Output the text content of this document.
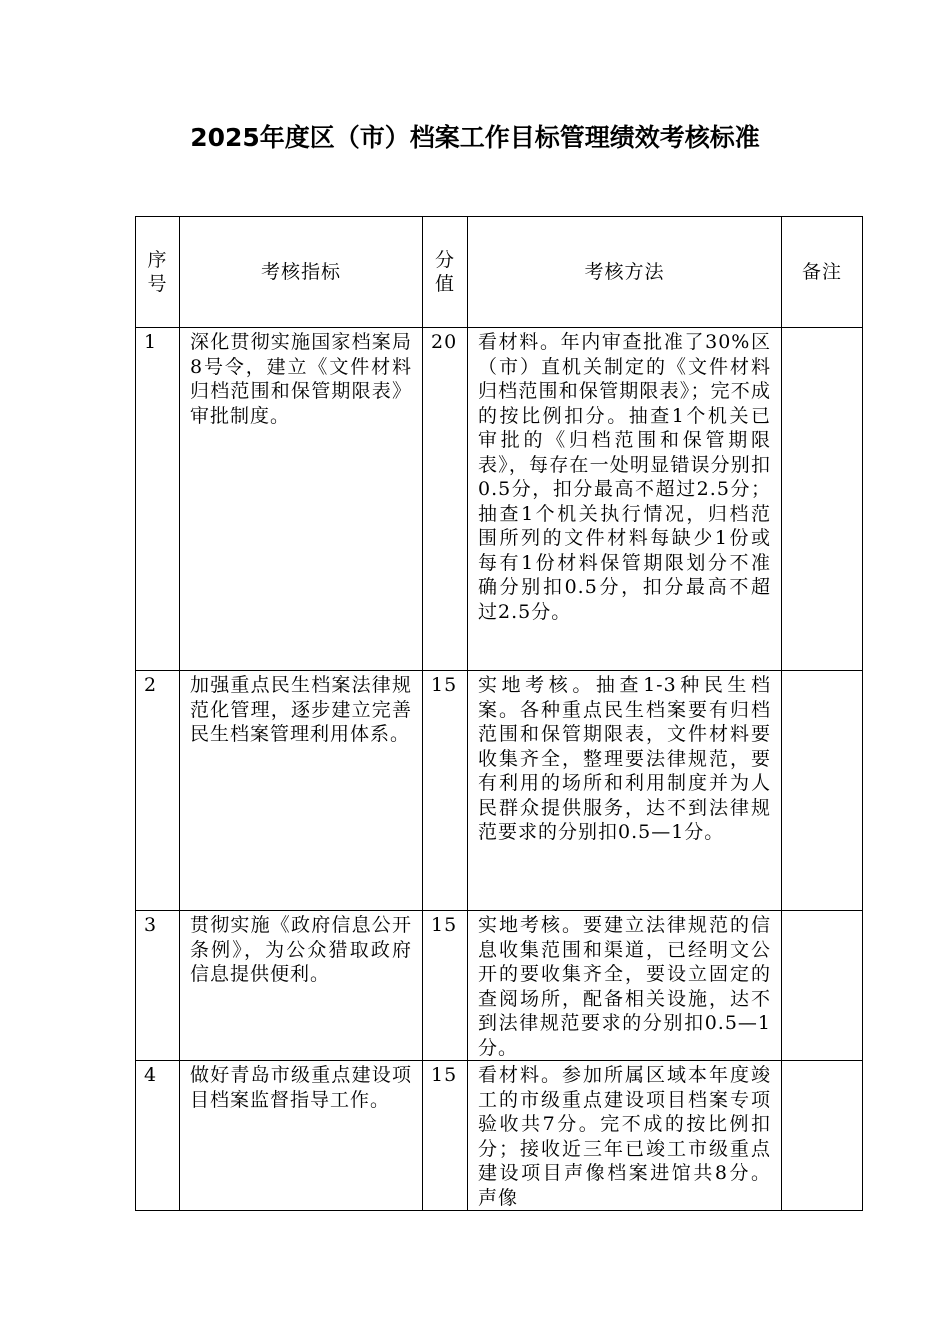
2025年度区（市）档案工作目标管理绩效考核标准
序号	考核指标	分值	考核方法	备注
1	深化贯彻实施国家档案局8号令，建立《文件材料归档范围和保管期限表》审批制度。	20	看材料。年内审查批准了30%区（市）直机关制定的《文件材料归档范围和保管期限表》；完不成的按比例扣分。抽查1个机关已审批的《归档范围和保管期限表》，每存在一处明显错误分别扣0.5分，扣分最高不超过2.5分；抽查1个机关执行情况，归档范围所列的文件材料每缺少1份或每有1份材料保管期限划分不准确分别扣0.5分，扣分最高不超过2.5分。	
2	加强重点民生档案法律规范化管理，逐步建立完善民生档案管理利用体系。	15	实地考核。抽查1-3种民生档案。各种重点民生档案要有归档范围和保管期限表，文件材料要收集齐全，整理要法律规范，要有利用的场所和利用制度并为人民群众提供服务，达不到法律规范要求的分别扣0.5—1分。	
3	贯彻实施《政府信息公开条例》，为公众猎取政府信息提供便利。	15	实地考核。要建立法律规范的信息收集范围和渠道，已经明文公开的要收集齐全，要设立固定的查阅场所，配备相关设施，达不到法律规范要求的分别扣0.5—1分。	
4	做好青岛市级重点建设项目档案监督指导工作。	15	看材料。参加所属区域本年度竣工的市级重点建设项目档案专项验收共7分。完不成的按比例扣分；接收近三年已竣工市级重点建设项目声像档案进馆共8分。声像	
